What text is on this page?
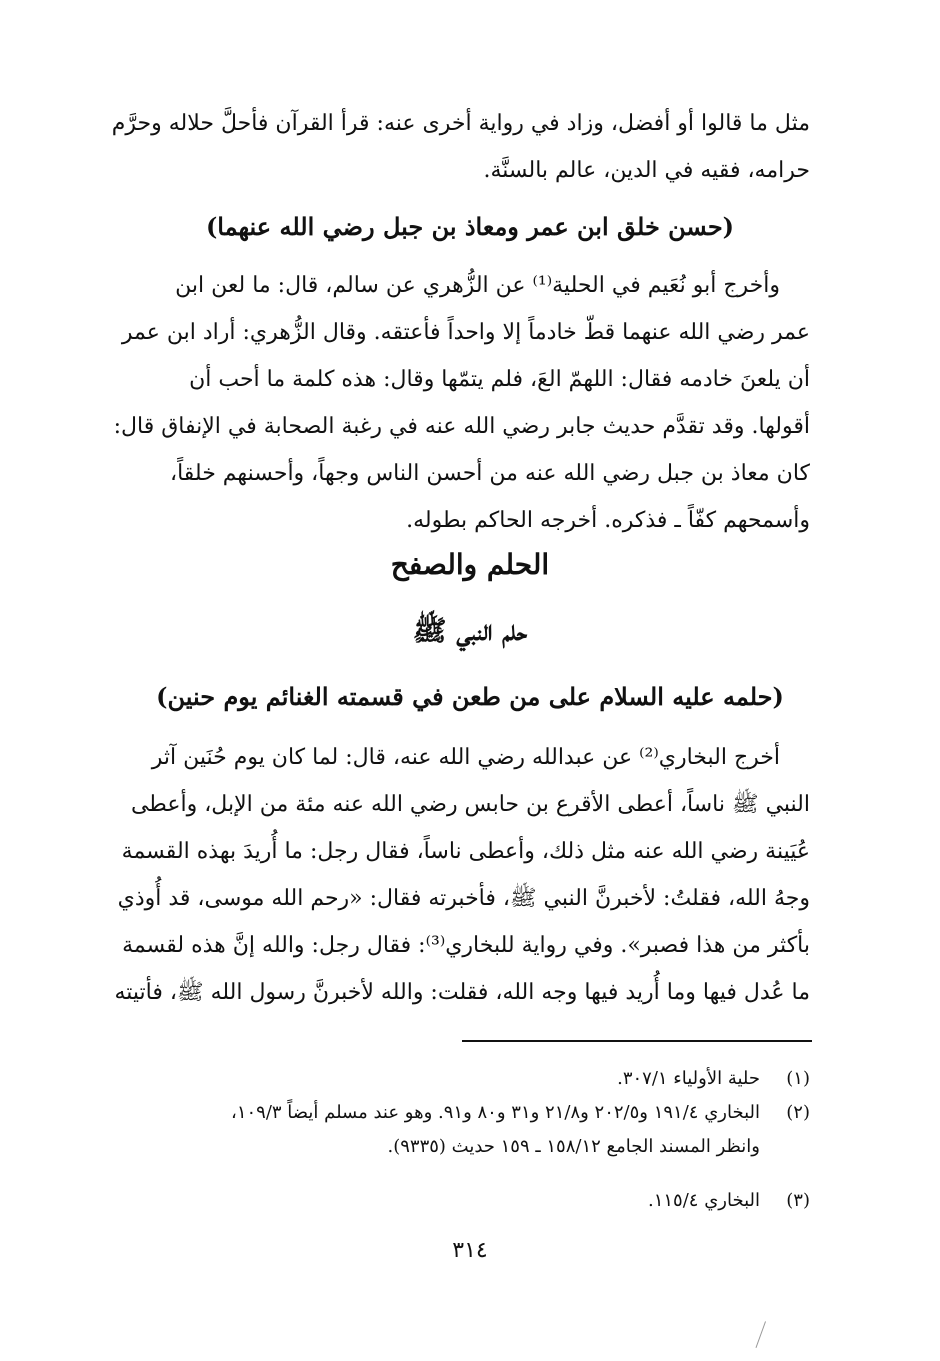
مثل ما قالوا أو أفضل، وزاد في رواية أخرى عنه: قرأ القرآن فأحلَّ حلاله وحرَّم

حرامه، فقيه في الدين، عالم بالسنَّة.

(حسن خلق ابن عمر ومعاذ بن جبل رضي الله عنهما)

وأخرج أبو نُعَيم في الحلية⁽¹⁾ عن الزُّهري عن سالم، قال: ما لعن ابن

عمر رضي الله عنهما قطّ خادماً إلا واحداً فأعتقه. وقال الزُّهري: أراد ابن عمر

أن يلعنَ خادمه فقال: اللهمّ العَ، فلم يتمّها وقال: هذه كلمة ما أحب أن

أقولها. وقد تقدَّم حديث جابر رضي الله عنه في رغبة الصحابة في الإنفاق قال:

كان معاذ بن جبل رضي الله عنه من أحسن الناس وجهاً، وأحسنهم خلقاً،

وأسمحهم كفّاً ـ فذكره. أخرجه الحاكم بطوله.

الحلم والصفح
حلم النبي ﷺ
(حلمه عليه السلام على من طعن في قسمته الغنائم يوم حنين)

أخرج البخاري⁽²⁾ عن عبدالله رضي الله عنه، قال: لما كان يوم حُنَين آثر

النبي ﷺ ناساً، أعطى الأقرع بن حابس رضي الله عنه مئة من الإبل، وأعطى

عُيَينة رضي الله عنه مثل ذلك، وأعطى ناساً، فقال رجل: ما أُريدَ بهذه القسمة

وجهُ الله، فقلتُ: لأخبرنَّ النبي ﷺ، فأخبرته فقال: «رحم الله موسى، قد أُوذي

بأكثر من هذا فصبر». وفي رواية للبخاري⁽³⁾: فقال رجل: والله إنَّ هذه لقسمة

ما عُدل فيها وما أُريد فيها وجه الله، فقلت: والله لأخبرنَّ رسول الله ﷺ، فأتيته

(١)
حلية الأولياء ٣٠٧/١.
(٢)
البخاري ١٩١/٤ و٢٠٢/٥ و٢١/٨ و٣١ و٨٠ و٩١. وهو عند مسلم أيضاً ١٠٩/٣،
وانظر المسند الجامع ١٥٨/١٢ ـ ١٥٩ حديث (٩٣٣٥).
(٣)
البخاري ١١٥/٤.
٣١٤
